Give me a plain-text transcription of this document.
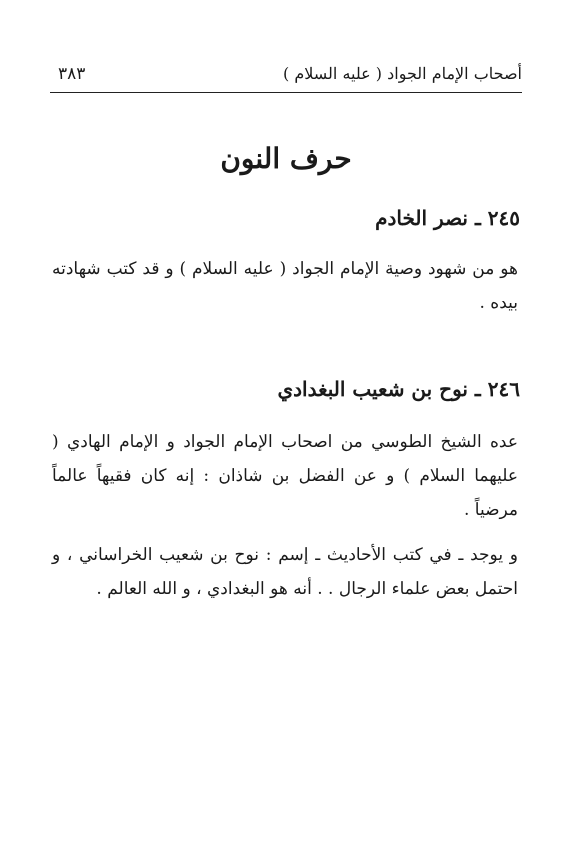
أصحاب الإمام الجواد ( عليه السلام )
٣٨٣
حرف النون
٢٤٥ ـ نصر الخادم
هو من شهود وصية الإمام الجواد ( عليه السلام ) و قد كتب شهادته بيده .
٢٤٦ ـ نوح بن شعيب البغدادي
عده الشيخ الطوسي من اصحاب الإمام الجواد و الإمام الهادي ( عليهما السلام ) و عن الفضل بن شاذان : إنه كان فقيهاً عالماً مرضياً .
و يوجد ـ في كتب الأحاديث ـ إسم : نوح بن شعيب الخراساني ، و احتمل بعض علماء الرجال . . أنه هو البغدادي ، و الله العالم .
